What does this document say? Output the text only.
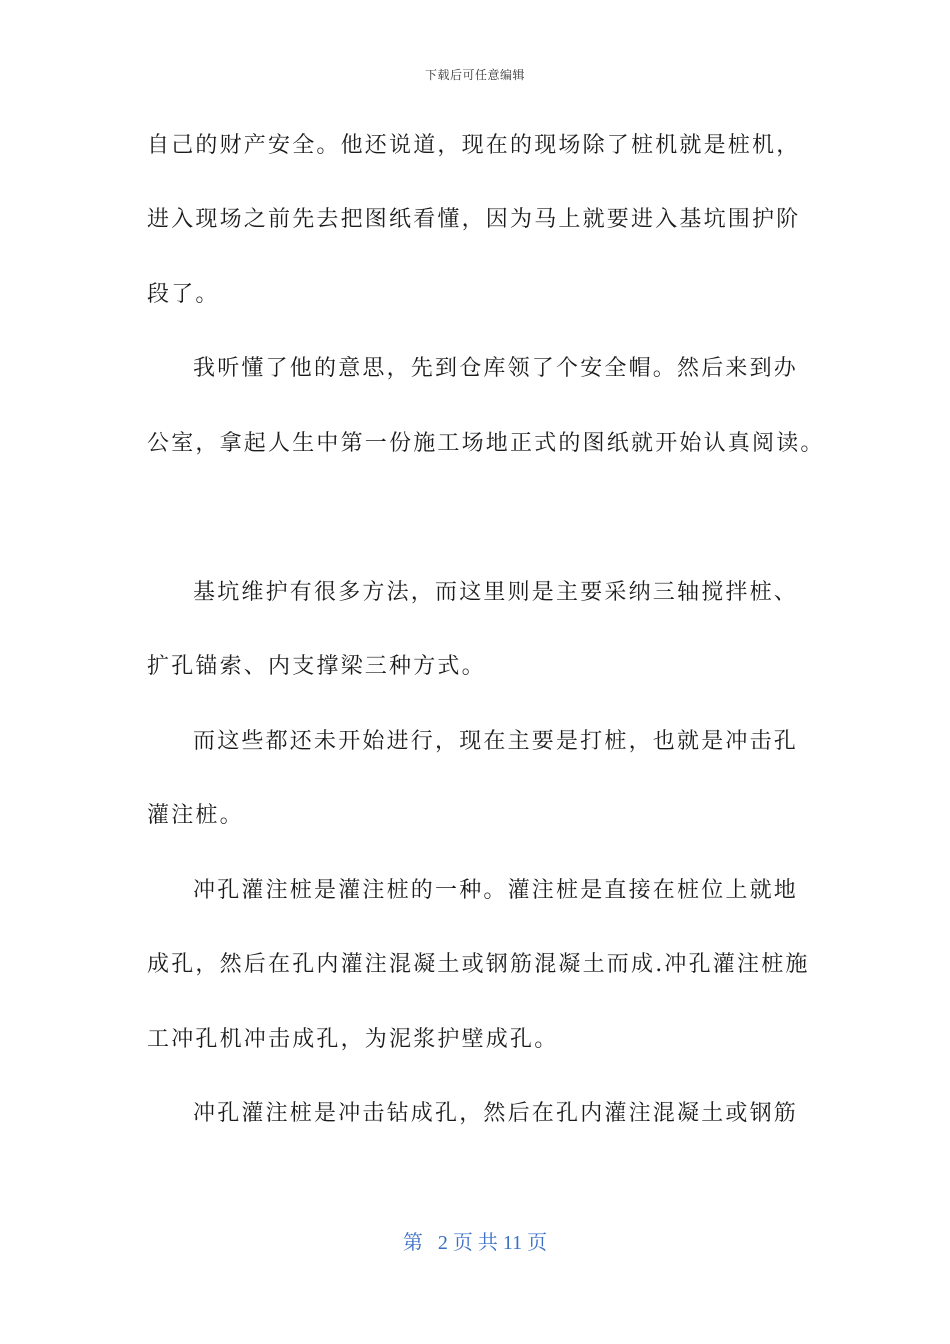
下载后可任意编辑
自己的财产安全。他还说道，现在的现场除了桩机就是桩机，
进入现场之前先去把图纸看懂，因为马上就要进入基坑围护阶
段了。
我听懂了他的意思，先到仓库领了个安全帽。然后来到办
公室，拿起人生中第一份施工场地正式的图纸就开始认真阅读。
基坑维护有很多方法，而这里则是主要采纳三轴搅拌桩、
扩孔锚索、内支撑梁三种方式。
而这些都还未开始进行，现在主要是打桩，也就是冲击孔
灌注桩。
冲孔灌注桩是灌注桩的一种。灌注桩是直接在桩位上就地
成孔，然后在孔内灌注混凝土或钢筋混凝土而成.冲孔灌注桩施
工冲孔机冲击成孔，为泥浆护壁成孔。
冲孔灌注桩是冲击钻成孔，然后在孔内灌注混凝土或钢筋
第   2 页 共 11 页
